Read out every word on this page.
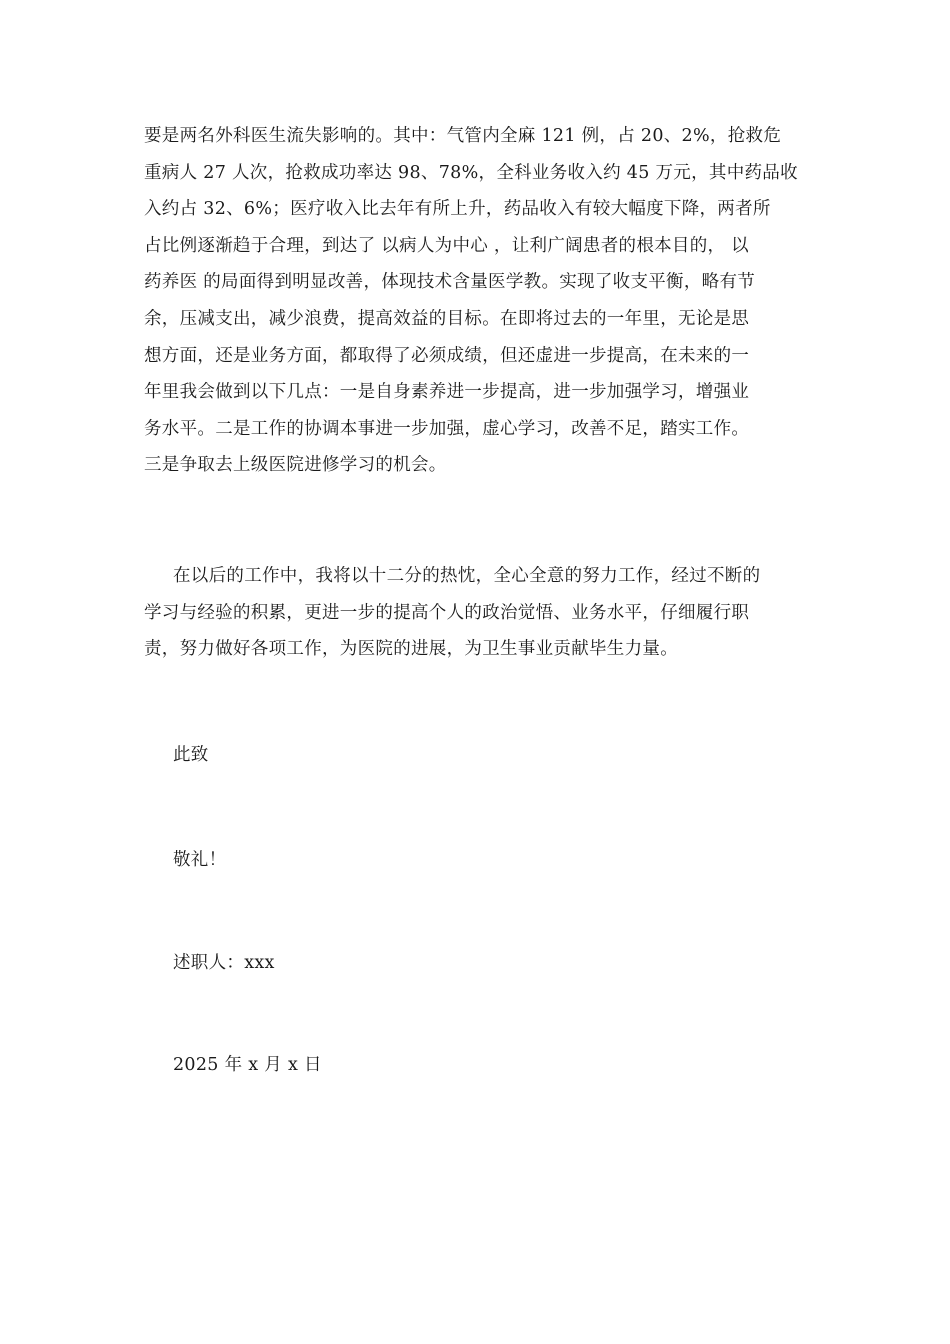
要是两名外科医生流失影响的。其中：气管内全麻 121 例，占 20、2%，抢救危
重病人 27 人次，抢救成功率达 98、78%，全科业务收入约 45 万元，其中药品收
入约占 32、6%；医疗收入比去年有所上升，药品收入有较大幅度下降，两者所
占比例逐渐趋于合理，到达了 以病人为中心 ，让利广阔患者的根本目的， 以
药养医 的局面得到明显改善，体现技术含量医学教。实现了收支平衡，略有节
余，压减支出，减少浪费，提高效益的目标。在即将过去的一年里，无论是思
想方面，还是业务方面，都取得了必须成绩，但还虚进一步提高，在未来的一
年里我会做到以下几点：一是自身素养进一步提高，进一步加强学习，增强业
务水平。二是工作的协调本事进一步加强，虚心学习，改善不足，踏实工作。
三是争取去上级医院进修学习的机会。
在以后的工作中，我将以十二分的热忱，全心全意的努力工作，经过不断的
学习与经验的积累，更进一步的提高个人的政治觉悟、业务水平，仔细履行职
责，努力做好各项工作，为医院的进展，为卫生事业贡献毕生力量。

此致

敬礼！

述职人：xxx

2025 年 x 月 x 日
